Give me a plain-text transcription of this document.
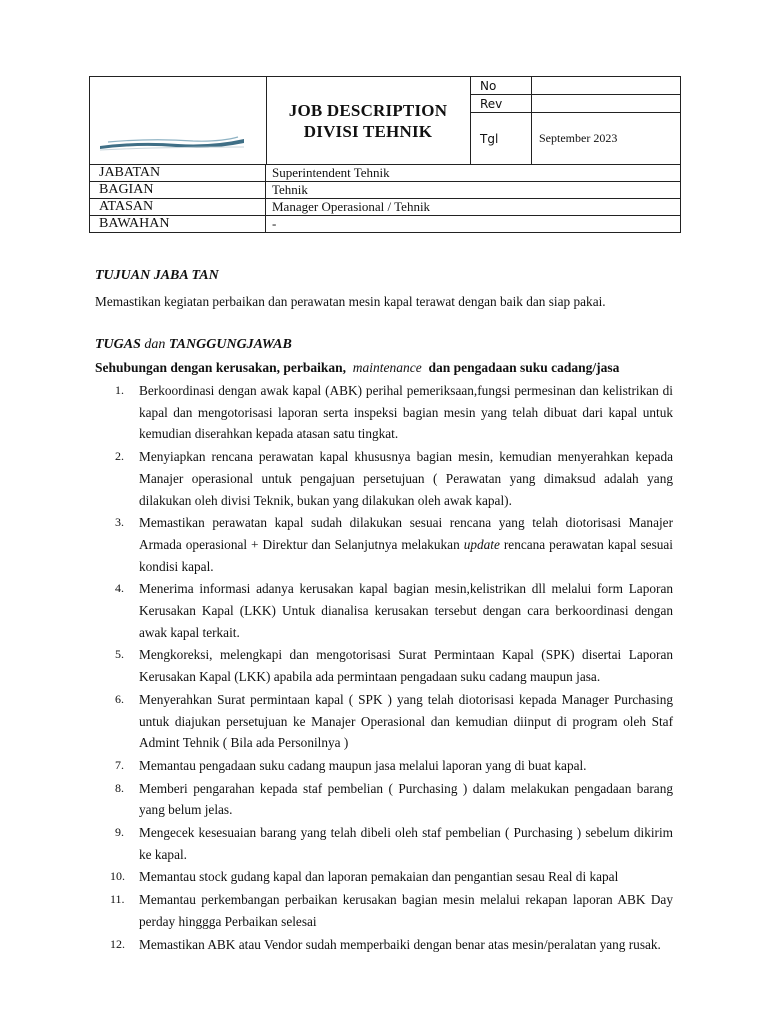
JOB DESCRIPTION
DIVISI TEHNIK
No
Rev
Tgl	September 2023
JABATAN	Superintendent Tehnik
BAGIAN	Tehnik
ATASAN	Manager Operasional / Tehnik
BAWAHAN	-
TUJUAN JABA TAN
Memastikan kegiatan perbaikan dan perawatan mesin kapal terawat dengan baik dan siap pakai.
TUGAS dan TANGGUNGJAWAB
Sehubungan dengan kerusakan, perbaikan, maintenance dan pengadaan suku cadang/jasa
1. Berkoordinasi dengan awak kapal (ABK) perihal pemeriksaan,fungsi permesinan dan kelistrikan di kapal dan mengotorisasi laporan serta inspeksi bagian mesin yang telah dibuat dari kapal untuk kemudian diserahkan kepada atasan satu tingkat.
2. Menyiapkan rencana perawatan kapal khususnya bagian mesin, kemudian menyerahkan kepada Manajer operasional untuk pengajuan persetujuan ( Perawatan yang dimaksud adalah yang dilakukan oleh divisi Teknik, bukan yang dilakukan oleh awak kapal).
3. Memastikan perawatan kapal sudah dilakukan sesuai rencana yang telah diotorisasi Manajer Armada operasional + Direktur dan Selanjutnya melakukan update rencana perawatan kapal sesuai kondisi kapal.
4. Menerima informasi adanya kerusakan kapal bagian mesin,kelistrikan dll melalui form Laporan Kerusakan Kapal (LKK) Untuk dianalisa kerusakan tersebut dengan cara berkoordinasi dengan awak kapal terkait.
5. Mengkoreksi, melengkapi dan mengotorisasi Surat Permintaan Kapal (SPK) disertai Laporan Kerusakan Kapal (LKK) apabila ada permintaan pengadaan suku cadang maupun jasa.
6. Menyerahkan Surat permintaan kapal ( SPK ) yang telah diotorisasi kepada Manager Purchasing untuk diajukan persetujuan ke Manajer Operasional dan kemudian diinput di program oleh Staf Admint Tehnik ( Bila ada Personilnya )
7. Memantau pengadaan suku cadang maupun jasa melalui laporan yang di buat kapal.
8. Memberi pengarahan kepada staf pembelian ( Purchasing ) dalam melakukan pengadaan barang yang belum jelas.
9. Mengecek kesesuaian barang yang telah dibeli oleh staf pembelian ( Purchasing ) sebelum dikirim ke kapal.
10. Memantau stock gudang kapal dan laporan pemakaian dan pengantian sesau Real di kapal
11. Memantau perkembangan perbaikan kerusakan bagian mesin melalui rekapan laporan ABK Day perday hinggga Perbaikan selesai
12. Memastikan ABK atau Vendor sudah memperbaiki dengan benar atas mesin/peralatan yang rusak.
